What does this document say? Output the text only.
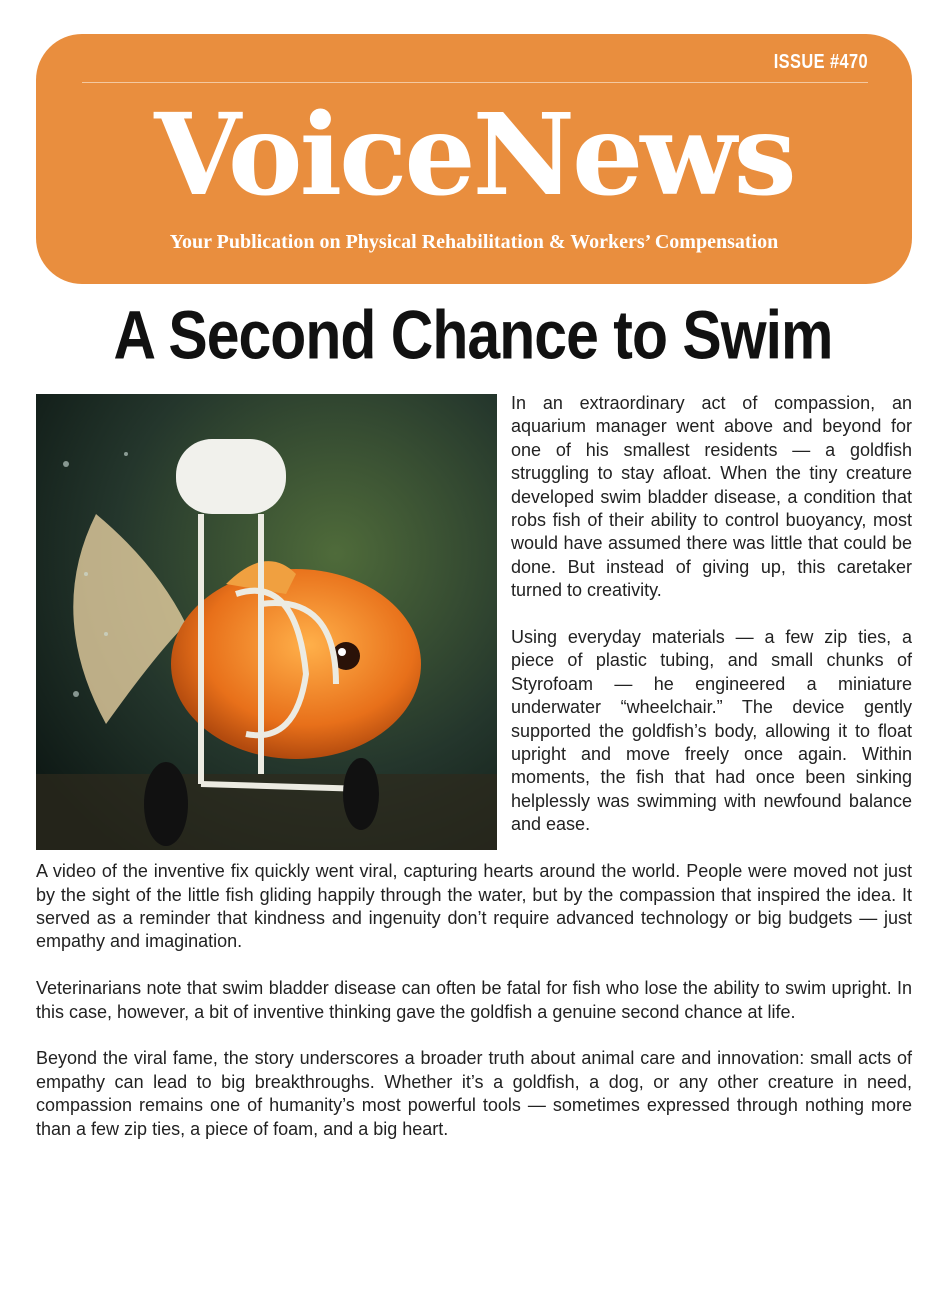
ISSUE #470
VoiceNews
Your Publication on Physical Rehabilitation & Workers’ Compensation
A Second Chance to Swim

In an extraordinary act of compassion, an aquarium manager went above and beyond for one of his smallest residents — a goldfish struggling to stay afloat. When the tiny creature developed swim bladder disease, a condition that robs fish of their ability to control buoyancy, most would have assumed there was little that could be done. But instead of giving up, this caretaker turned to creativity.

Using everyday materials — a few zip ties, a piece of plastic tubing, and small chunks of Styrofoam — he engineered a miniature underwater “wheelchair.” The device gently supported the goldfish’s body, allowing it to float upright and move freely once again. Within moments, the fish that had once been sinking helplessly was swimming with newfound balance and ease.

A video of the inventive fix quickly went viral, capturing hearts around the world. People were moved not just by the sight of the little fish gliding happily through the water, but by the compassion that inspired the idea. It served as a reminder that kindness and ingenuity don’t require advanced technology or big budgets — just empathy and imagination.

Veterinarians note that swim bladder disease can often be fatal for fish who lose the ability to swim upright. In this case, however, a bit of inventive thinking gave the goldfish a genuine second chance at life.

Beyond the viral fame, the story underscores a broader truth about animal care and innovation: small acts of empathy can lead to big breakthroughs. Whether it’s a goldfish, a dog, or any other creature in need, compassion remains one of humanity’s most powerful tools — sometimes expressed through nothing more than a few zip ties, a piece of foam, and a big heart.
